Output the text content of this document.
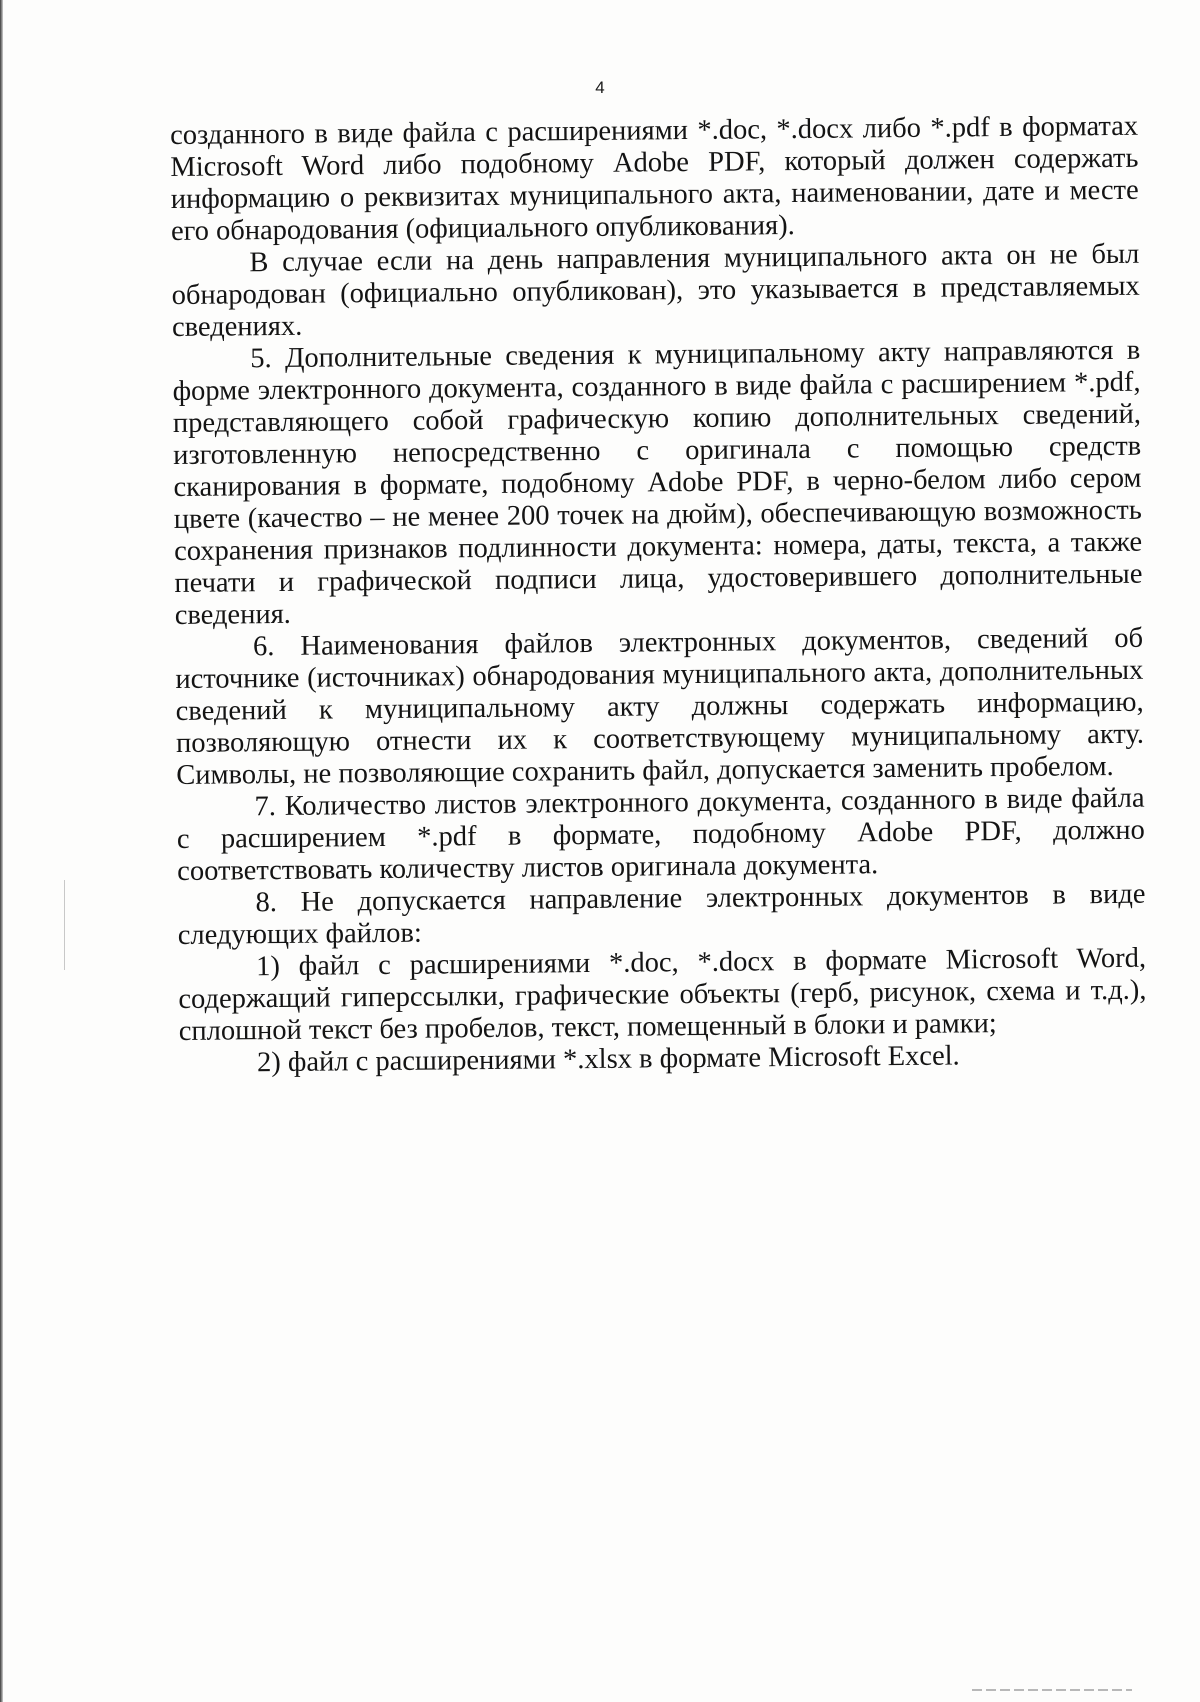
4

созданного в виде файла с расширениями *.doc, *.docx либо *.pdf в форматах Microsoft Word либо подобному Adobe PDF, который должен содержать информацию о реквизитах муниципального акта, наименовании, дате и месте его обнародования (официального опубликования).

В случае если на день направления муниципального акта он не был обнародован (официально опубликован), это указывается в представляемых сведениях.

5. Дополнительные сведения к муниципальному акту направляются в форме электронного документа, созданного в виде файла с расширением *.pdf, представляющего собой графическую копию дополнительных сведений, изготовленную непосредственно с оригинала с помощью средств сканирования в формате, подобному Adobe PDF, в черно-белом либо сером цвете (качество – не менее 200 точек на дюйм), обеспечивающую возможность сохранения признаков подлинности документа: номера, даты, текста, а также печати и графической подписи лица, удостоверившего дополнительные сведения.

6. Наименования файлов электронных документов, сведений об источнике (источниках) обнародования муниципального акта, дополнительных сведений к муниципальному акту должны содержать информацию, позволяющую отнести их к соответствующему муниципальному акту. Символы, не позволяющие сохранить файл, допускается заменить пробелом.

7. Количество листов электронного документа, созданного в виде файла с расширением *.pdf в формате, подобному Adobe PDF, должно соответствовать количеству листов оригинала документа.

8. Не допускается направление электронных документов в виде следующих файлов:

1) файл с расширениями *.doc, *.docx в формате Microsoft Word, содержащий гиперссылки, графические объекты (герб, рисунок, схема и т.д.), сплошной текст без пробелов, текст, помещенный в блоки и рамки;

2) файл с расширениями *.xlsx в формате Microsoft Excel.
